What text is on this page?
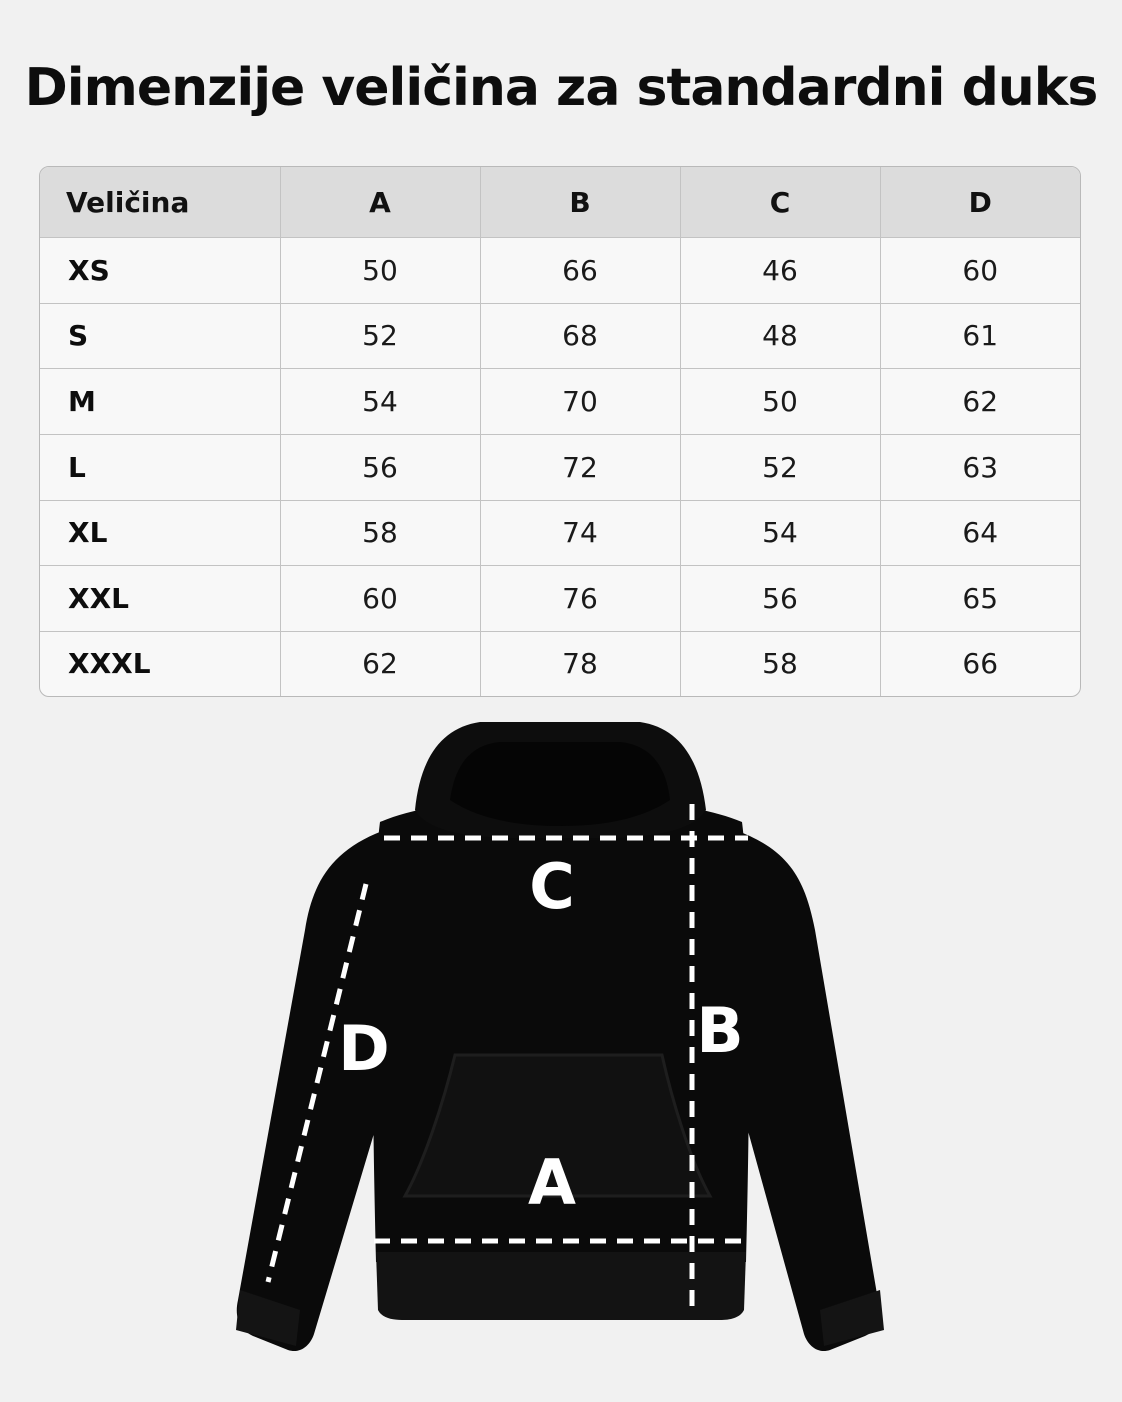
Dimenzije veličina za standardni duks
Veličina	A	B	C	D
XS	50	66	46	60
S	52	68	48	61
M	54	70	50	62
L	56	72	52	63
XL	58	74	54	64
XXL	60	76	56	65
XXXL	62	78	58	66
C
A
B
D
